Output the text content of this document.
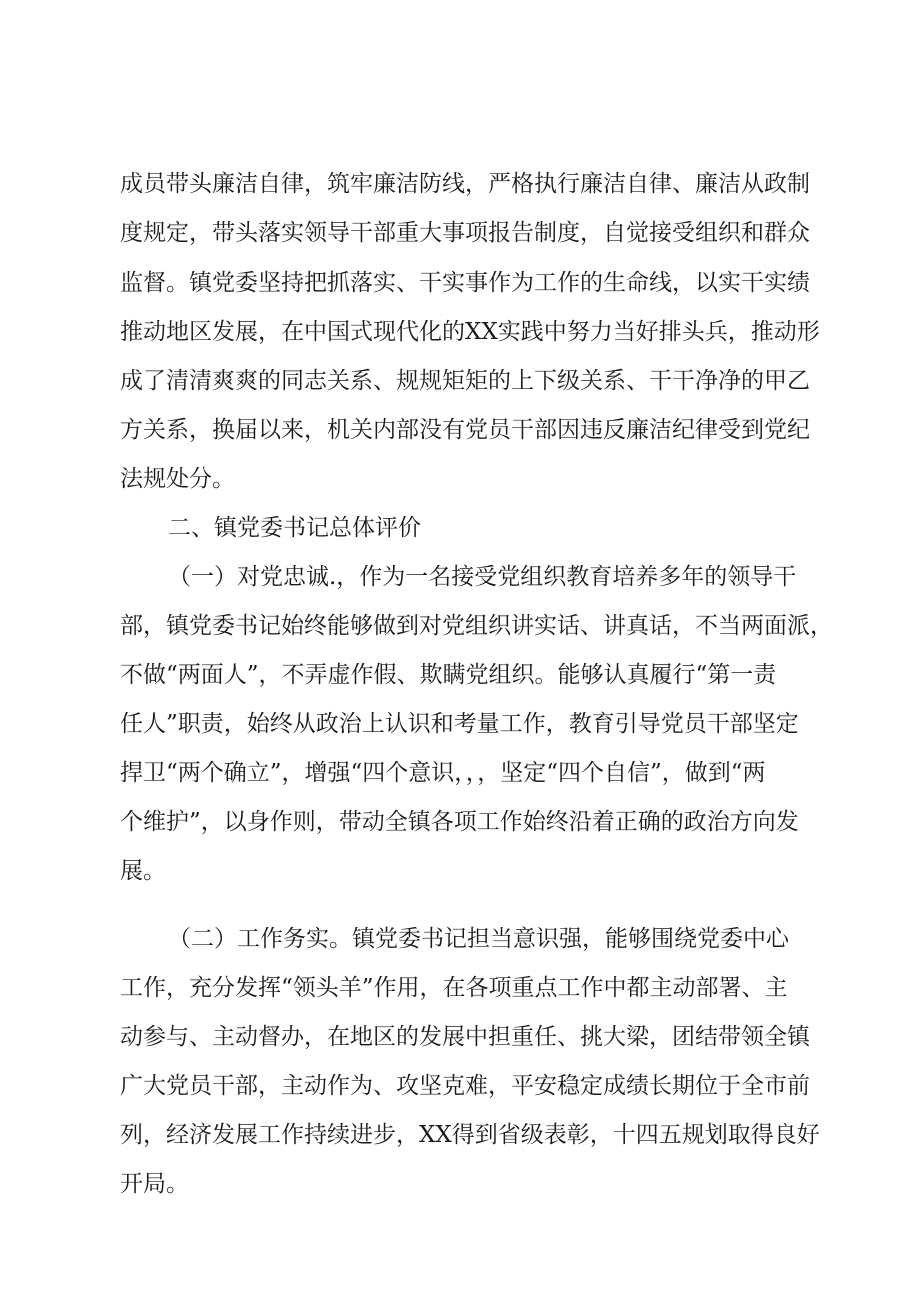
成员带头廉洁自律，筑牢廉洁防线，严格执行廉洁自律、廉洁从政制
度规定，带头落实领导干部重大事项报告制度，自觉接受组织和群众
监督。镇党委坚持把抓落实、干实事作为工作的生命线，以实干实绩
推动地区发展，在中国式现代化的XX实践中努力当好排头兵，推动形
成了清清爽爽的同志关系、规规矩矩的上下级关系、干干净净的甲乙
方关系，换届以来，机关内部没有党员干部因违反廉洁纪律受到党纪
法规处分。
二、镇党委书记总体评价
（一）对党忠诚.，作为一名接受党组织教育培养多年的领导干
部，镇党委书记始终能够做到对党组织讲实话、讲真话，不当两面派，
不做“两面人”，不弄虚作假、欺瞒党组织。能够认真履行“第一责
任人”职责，始终从政治上认识和考量工作，教育引导党员干部坚定
捍卫“两个确立”，增强“四个意识，，，坚定“四个自信”，做到“两
个维护”，以身作则，带动全镇各项工作始终沿着正确的政治方向发
展。
（二）工作务实。镇党委书记担当意识强，能够围绕党委中心
工作，充分发挥“领头羊”作用，在各项重点工作中都主动部署、主
动参与、主动督办，在地区的发展中担重任、挑大梁，团结带领全镇
广大党员干部，主动作为、攻坚克难，平安稳定成绩长期位于全市前
列，经济发展工作持续进步，XX得到省级表彰，十四五规划取得良好
开局。
